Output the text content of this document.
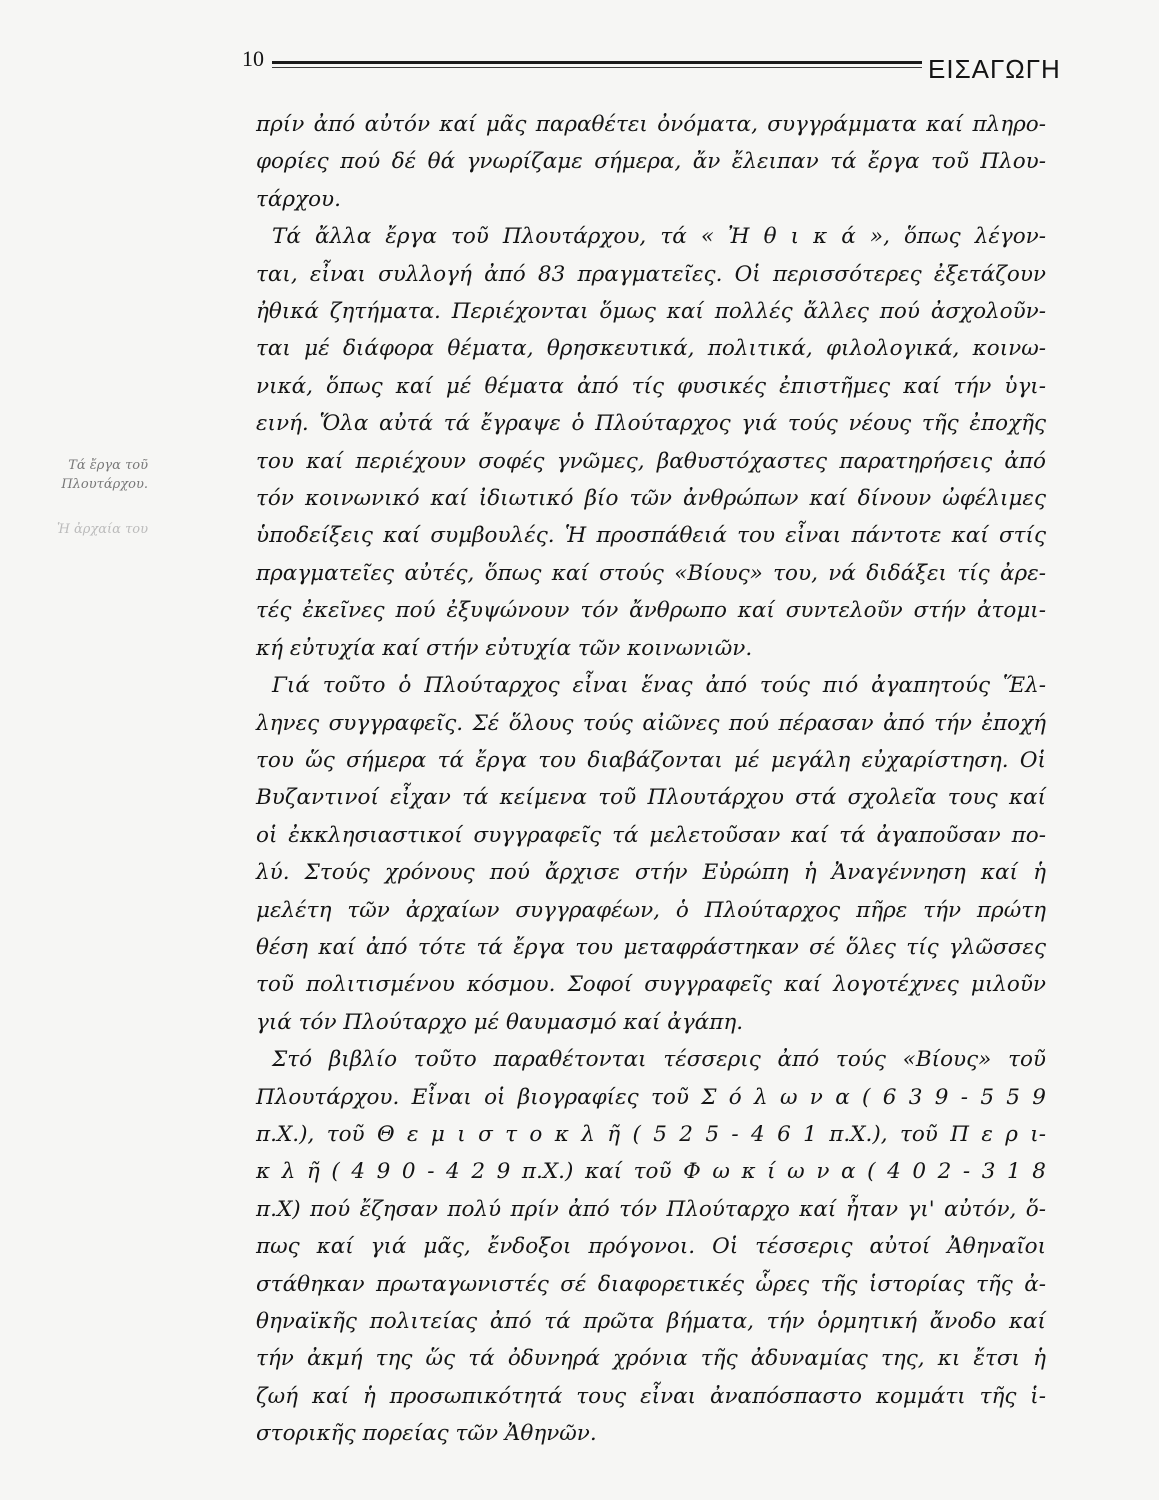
10	ΕΙΣΑΓΩΓΗ
Τά ἔργα τοῦ
Πλουτάρχου.
Ἡ ἀρχαία του
πρίν ἀπό αὐτόν καί μᾶς παραθέτει ὀνόματα, συγγράμματα καί πληρο-
φορίες πού δέ θά γνωρίζαμε σήμερα, ἄν ἔλειπαν τά ἔργα τοῦ Πλου-
τάρχου.
Τά ἄλλα ἔργα τοῦ Πλουτάρχου, τά « Ἠ θ ι κ ά », ὅπως λέγον-
ται, εἶναι συλλογή ἀπό 83 πραγματεῖες. Οἱ περισσότερες ἐξετάζουν
ἠθικά ζητήματα. Περιέχονται ὅμως καί πολλές ἄλλες πού ἀσχολοῦν-
ται μέ διάφορα θέματα, θρησκευτικά, πολιτικά, φιλολογικά, κοινω-
νικά, ὅπως καί μέ θέματα ἀπό τίς φυσικές ἐπιστῆμες καί τήν ὑγι-
εινή. Ὅλα αὐτά τά ἔγραψε ὁ Πλούταρχος γιά τούς νέους τῆς ἐποχῆς
του καί περιέχουν σοφές γνῶμες, βαθυστόχαστες παρατηρήσεις ἀπό
τόν κοινωνικό καί ἰδιωτικό βίο τῶν ἀνθρώπων καί δίνουν ὠφέλιμες
ὑποδείξεις καί συμβουλές. Ἡ προσπάθειά του εἶναι πάντοτε καί στίς
πραγματεῖες αὐτές, ὅπως καί στούς «Βίους» του, νά διδάξει τίς ἀρε-
τές ἐκεῖνες πού ἐξυψώνουν τόν ἄνθρωπο καί συντελοῦν στήν ἀτομι-
κή εὐτυχία καί στήν εὐτυχία τῶν κοινωνιῶν.
Γιά τοῦτο ὁ Πλούταρχος εἶναι ἕνας ἀπό τούς πιό ἀγαπητούς Ἕλ-
ληνες συγγραφεῖς. Σέ ὅλους τούς αἰῶνες πού πέρασαν ἀπό τήν ἐποχή
του ὥς σήμερα τά ἔργα του διαβάζονται μέ μεγάλη εὐχαρίστηση. Οἱ
Βυζαντινοί εἶχαν τά κείμενα τοῦ Πλουτάρχου στά σχολεῖα τους καί
οἱ ἐκκλησιαστικοί συγγραφεῖς τά μελετοῦσαν καί τά ἀγαποῦσαν πο-
λύ. Στούς χρόνους πού ἄρχισε στήν Εὐρώπη ἡ Ἀναγέννηση καί ἡ
μελέτη τῶν ἀρχαίων συγγραφέων, ὁ Πλούταρχος πῆρε τήν πρώτη
θέση καί ἀπό τότε τά ἔργα του μεταφράστηκαν σέ ὅλες τίς γλῶσσες
τοῦ πολιτισμένου κόσμου. Σοφοί συγγραφεῖς καί λογοτέχνες μιλοῦν
γιά τόν Πλούταρχο μέ θαυμασμό καί ἀγάπη.
Στό βιβλίο τοῦτο παραθέτονται τέσσερις ἀπό τούς «Βίους» τοῦ
Πλουτάρχου. Εἶναι οἱ βιογραφίες τοῦ Σ ό λ ω ν α ( 6 3 9 - 5 5 9
π.Χ.), τοῦ Θ ε μ ι σ τ ο κ λ ῆ ( 5 2 5 - 4 6 1 π.Χ.), τοῦ Π ε ρ ι-
κ λ ῆ ( 4 9 0 - 4 2 9 π.Χ.) καί τοῦ Φ ω κ ί ω ν α ( 4 0 2 - 3 1 8
π.Χ) πού ἔζησαν πολύ πρίν ἀπό τόν Πλούταρχο καί ἦταν γι' αὐτόν, ὅ-
πως καί γιά μᾶς, ἔνδοξοι πρόγονοι. Οἱ τέσσερις αὐτοί Ἀθηναῖοι
στάθηκαν πρωταγωνιστές σέ διαφορετικές ὧρες τῆς ἱστορίας τῆς ἀ-
θηναϊκῆς πολιτείας ἀπό τά πρῶτα βήματα, τήν ὁρμητική ἄνοδο καί
τήν ἀκμή της ὥς τά ὀδυνηρά χρόνια τῆς ἀδυναμίας της, κι ἔτσι ἡ
ζωή καί ἡ προσωπικότητά τους εἶναι ἀναπόσπαστο κομμάτι τῆς ἱ-
στορικῆς πορείας τῶν Ἀθηνῶν.
